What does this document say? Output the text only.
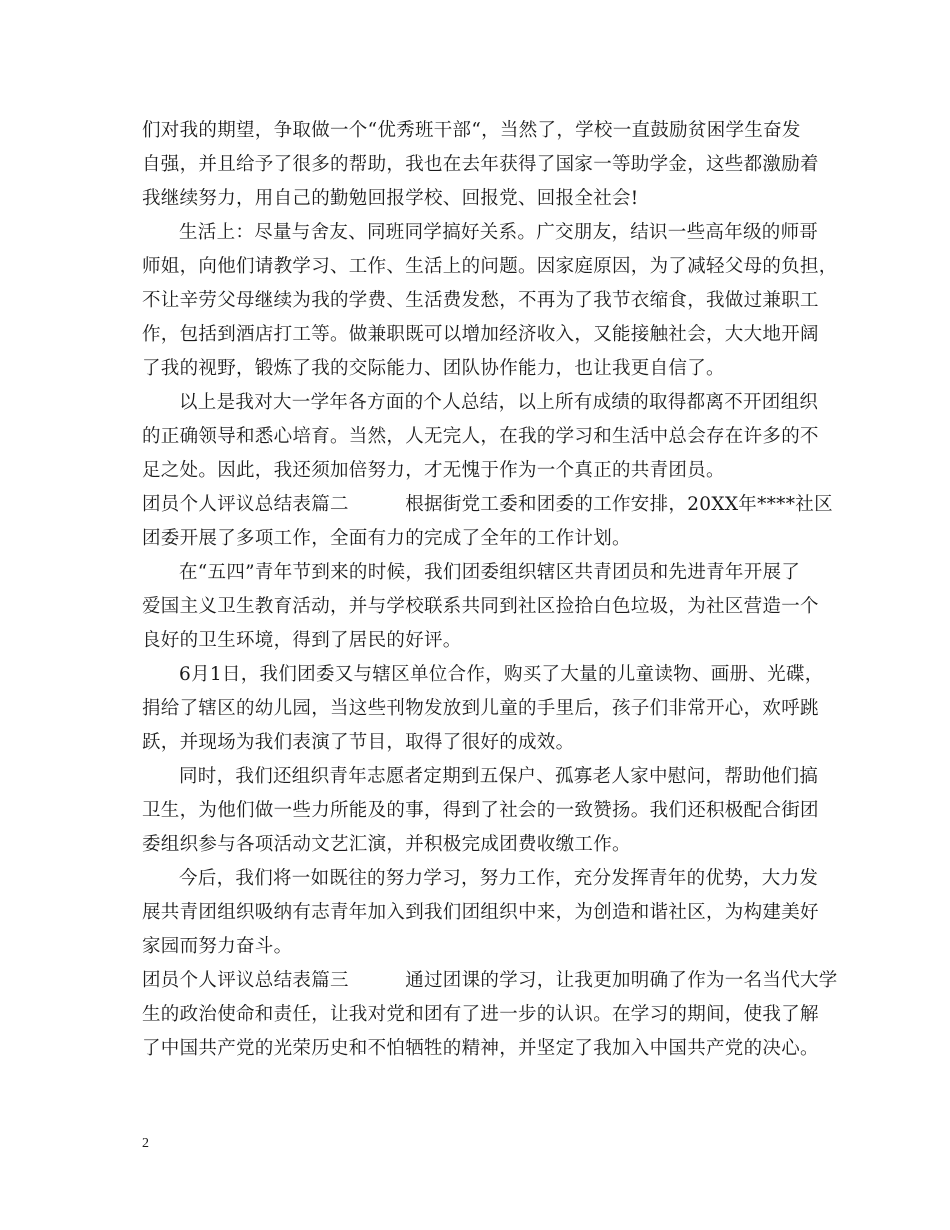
们对我的期望，争取做一个“优秀班干部“，当然了，学校一直鼓励贫困学生奋发
自强，并且给予了很多的帮助，我也在去年获得了国家一等助学金，这些都激励着
我继续努力，用自己的勤勉回报学校、回报党、回报全社会!
生活上：尽量与舍友、同班同学搞好关系。广交朋友，结识一些高年级的师哥
师姐，向他们请教学习、工作、生活上的问题。因家庭原因，为了减轻父母的负担，
不让辛劳父母继续为我的学费、生活费发愁，不再为了我节衣缩食，我做过兼职工
作，包括到酒店打工等。做兼职既可以增加经济收入，又能接触社会，大大地开阔
了我的视野，锻炼了我的交际能力、团队协作能力，也让我更自信了。
以上是我对大一学年各方面的个人总结，以上所有成绩的取得都离不开团组织
的正确领导和悉心培育。当然，人无完人，在我的学习和生活中总会存在许多的不
足之处。因此，我还须加倍努力，才无愧于作为一个真正的共青团员。
团员个人评议总结表篇二　　　根据街党工委和团委的工作安排，20XX年****社区
团委开展了多项工作，全面有力的完成了全年的工作计划。
在“五四”青年节到来的时候，我们团委组织辖区共青团员和先进青年开展了
爱国主义卫生教育活动，并与学校联系共同到社区捡拾白色垃圾，为社区营造一个
良好的卫生环境，得到了居民的好评。
6月1日，我们团委又与辖区单位合作，购买了大量的儿童读物、画册、光碟，
捐给了辖区的幼儿园，当这些刊物发放到儿童的手里后，孩子们非常开心，欢呼跳
跃，并现场为我们表演了节目，取得了很好的成效。
同时，我们还组织青年志愿者定期到五保户、孤寡老人家中慰问，帮助他们搞
卫生，为他们做一些力所能及的事，得到了社会的一致赞扬。我们还积极配合街团
委组织参与各项活动文艺汇演，并积极完成团费收缴工作。
今后，我们将一如既往的努力学习，努力工作，充分发挥青年的优势，大力发
展共青团组织吸纳有志青年加入到我们团组织中来，为创造和谐社区，为构建美好
家园而努力奋斗。
团员个人评议总结表篇三　　　通过团课的学习，让我更加明确了作为一名当代大学
生的政治使命和责任，让我对党和团有了进一步的认识。在学习的期间，使我了解
了中国共产党的光荣历史和不怕牺牲的精神，并坚定了我加入中国共产党的决心。
2
